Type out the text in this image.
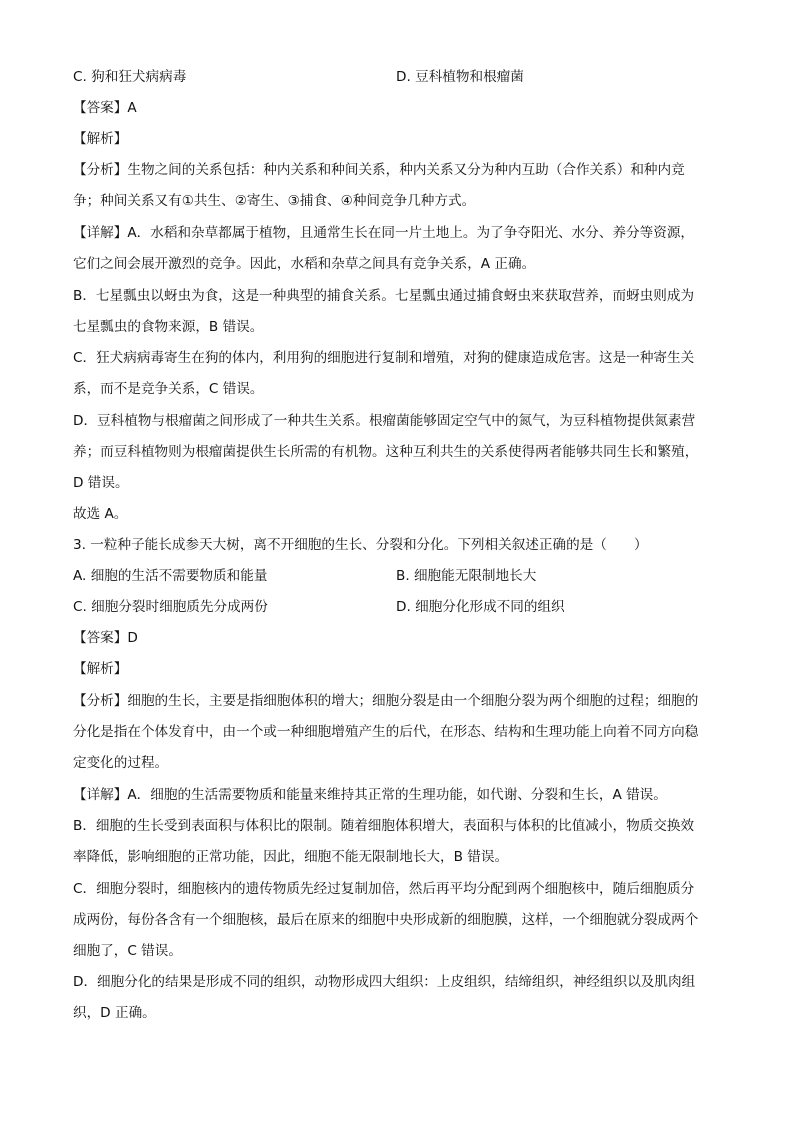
C. 狗和狂犬病病毒	D. 豆科植物和根瘤菌
【答案】A
【解析】
【分析】生物之间的关系包括：种内关系和种间关系，种内关系又分为种内互助（合作关系）和种内竞
争；种间关系又有①共生、②寄生、③捕食、④种间竞争几种方式。
【详解】A．水稻和杂草都属于植物，且通常生长在同一片土地上。为了争夺阳光、水分、养分等资源，
它们之间会展开激烈的竞争。因此，水稻和杂草之间具有竞争关系，A 正确。
B．七星瓢虫以蚜虫为食，这是一种典型的捕食关系。七星瓢虫通过捕食蚜虫来获取营养，而蚜虫则成为
七星瓢虫的食物来源，B 错误。
C．狂犬病病毒寄生在狗的体内，利用狗的细胞进行复制和增殖，对狗的健康造成危害。这是一种寄生关
系，而不是竞争关系，C 错误。
D．豆科植物与根瘤菌之间形成了一种共生关系。根瘤菌能够固定空气中的氮气，为豆科植物提供氮素营
养；而豆科植物则为根瘤菌提供生长所需的有机物。这种互利共生的关系使得两者能够共同生长和繁殖，
D 错误。
故选 A。
3. 一粒种子能长成参天大树，离不开细胞的生长、分裂和分化。下列相关叙述正确的是（　　）
A. 细胞的生活不需要物质和能量	B. 细胞能无限制地长大
C. 细胞分裂时细胞质先分成两份	D. 细胞分化形成不同的组织
【答案】D
【解析】
【分析】细胞的生长，主要是指细胞体积的增大；细胞分裂是由一个细胞分裂为两个细胞的过程；细胞的
分化是指在个体发育中，由一个或一种细胞增殖产生的后代，在形态、结构和生理功能上向着不同方向稳
定变化的过程。
【详解】A．细胞的生活需要物质和能量来维持其正常的生理功能，如代谢、分裂和生长，A 错误。
B．细胞的生长受到表面积与体积比的限制。随着细胞体积增大，表面积与体积的比值减小，物质交换效
率降低，影响细胞的正常功能，因此，细胞不能无限制地长大，B 错误。
C．细胞分裂时，细胞核内的遗传物质先经过复制加倍，然后再平均分配到两个细胞核中，随后细胞质分
成两份，每份各含有一个细胞核，最后在原来的细胞中央形成新的细胞膜，这样，一个细胞就分裂成两个
细胞了，C 错误。
D．细胞分化的结果是形成不同的组织，动物形成四大组织：上皮组织，结缔组织，神经组织以及肌肉组
织，D 正确。
